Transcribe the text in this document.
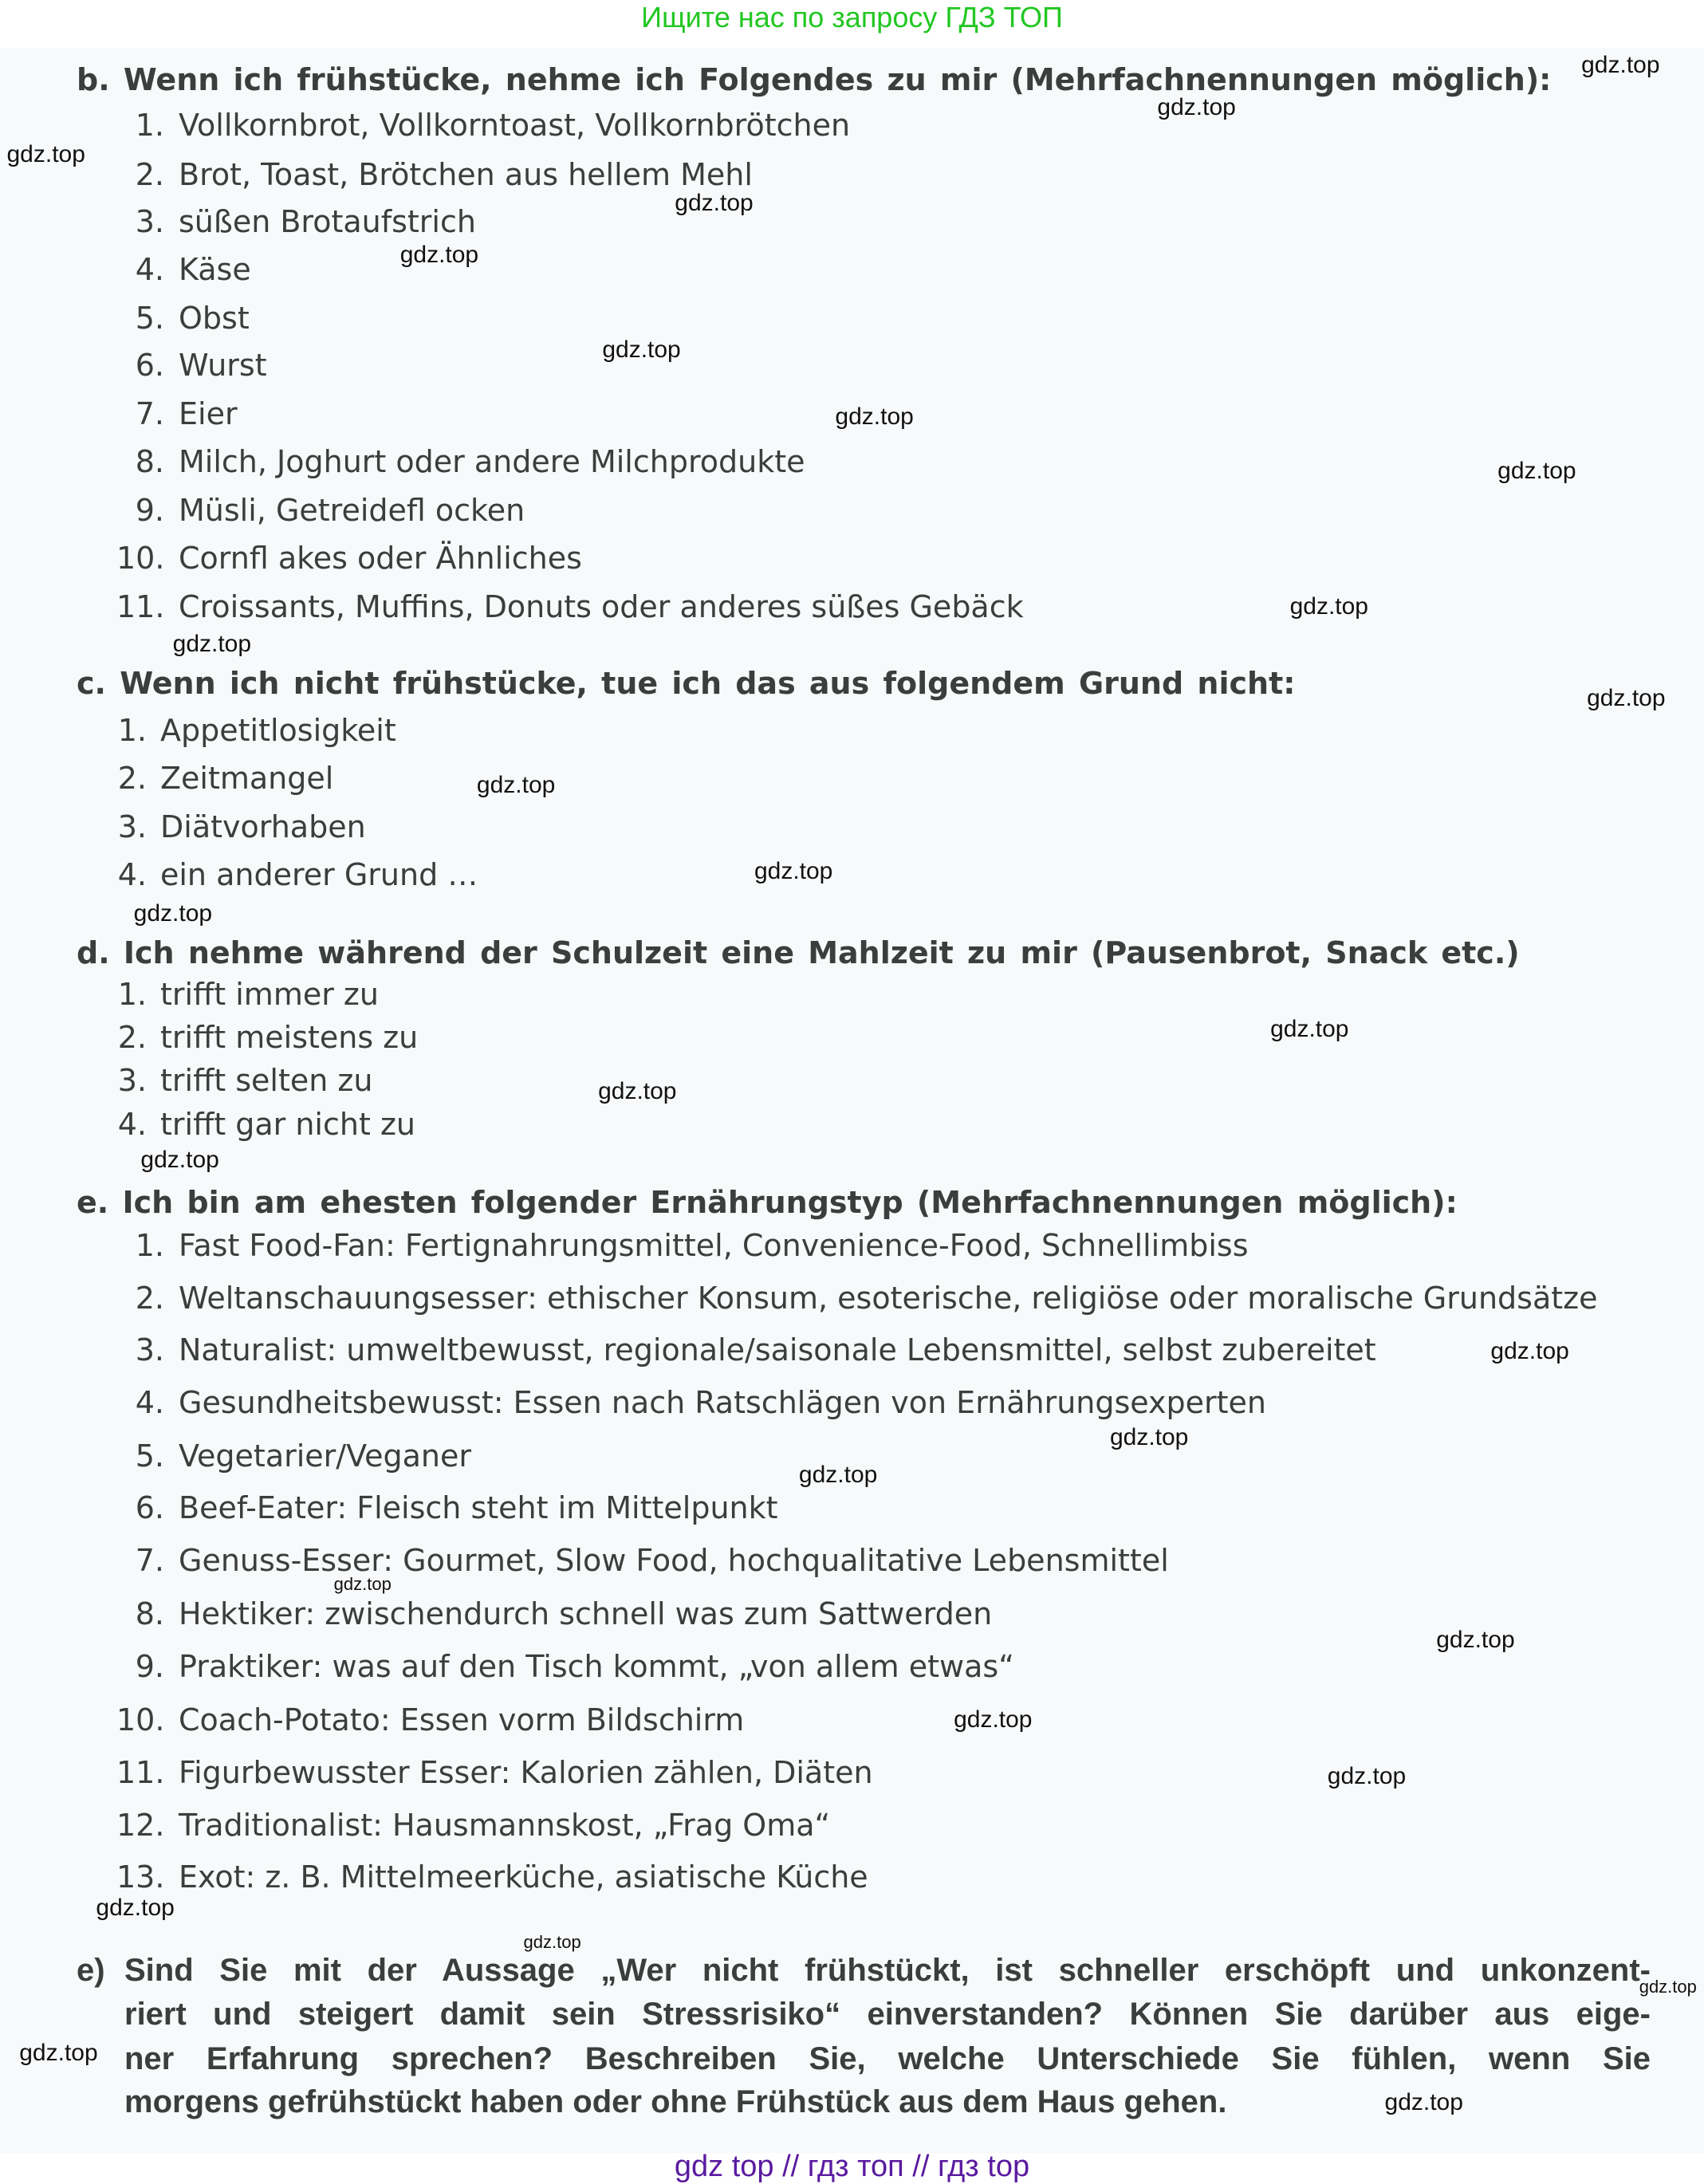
Ищите нас по запросу ГДЗ ТОП
b. Wenn ich frühstücke, nehme ich Folgendes zu mir (Mehrfachnennungen möglich):
1. Vollkornbrot, Vollkorntoast, Vollkornbrötchen
2. Brot, Toast, Brötchen aus hellem Mehl
3. süßen Brotaufstrich
4. Käse
5. Obst
6. Wurst
7. Eier
8. Milch, Joghurt oder andere Milchprodukte
9. Müsli, Getreidefl ocken
10. Cornfl akes oder Ähnliches
11. Croissants, Muffins, Donuts oder anderes süßes Gebäck
c. Wenn ich nicht frühstücke, tue ich das aus folgendem Grund nicht:
1. Appetitlosigkeit
2. Zeitmangel
3. Diätvorhaben
4. ein anderer Grund …
d. Ich nehme während der Schulzeit eine Mahlzeit zu mir (Pausenbrot, Snack etc.)
1. trifft immer zu
2. trifft meistens zu
3. trifft selten zu
4. trifft gar nicht zu
e. Ich bin am ehesten folgender Ernährungstyp (Mehrfachnennungen möglich):
1. Fast Food-Fan: Fertignahrungsmittel, Convenience-Food, Schnellimbiss
2. Weltanschauungsesser: ethischer Konsum, esoterische, religiöse oder moralische Grundsätze
3. Naturalist: umweltbewusst, regionale/saisonale Lebensmittel, selbst zubereitet
4. Gesundheitsbewusst: Essen nach Ratschlägen von Ernährungsexperten
5. Vegetarier/Veganer
6. Beef-Eater: Fleisch steht im Mittelpunkt
7. Genuss-Esser: Gourmet, Slow Food, hochqualitative Lebensmittel
8. Hektiker: zwischendurch schnell was zum Sattwerden
9. Praktiker: was auf den Tisch kommt, „von allem etwas“
10. Coach-Potato: Essen vorm Bildschirm
11. Figurbewusster Esser: Kalorien zählen, Diäten
12. Traditionalist: Hausmannskost, „Frag Oma“
13. Exot: z. B. Mittelmeerküche, asiatische Küche
e) Sind Sie mit der Aussage „Wer nicht frühstückt, ist schneller erschöpft und unkonzent-
riert und steigert damit sein Stressrisiko“ einverstanden? Können Sie darüber aus eige-
ner Erfahrung sprechen? Beschreiben Sie, welche Unterschiede Sie fühlen, wenn Sie
morgens gefrühstückt haben oder ohne Frühstück aus dem Haus gehen.
gdz.top
gdz.top
gdz.top
gdz.top
gdz.top
gdz.top
gdz.top
gdz.top
gdz.top
gdz.top
gdz.top
gdz.top
gdz.top
gdz.top
gdz.top
gdz.top
gdz.top
gdz.top
gdz.top
gdz.top
gdz.top
gdz.top
gdz.top
gdz.top
gdz.top
gdz.top
gdz.top
gdz.top
gdz.top
gdz top // гдз топ // гдз top
